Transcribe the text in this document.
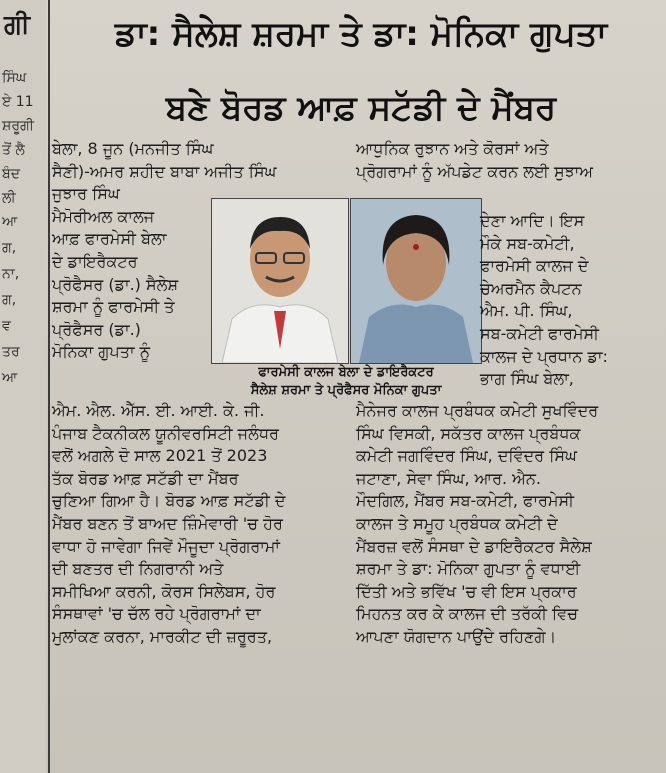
ਗੀ
ਸਿੰਘ
ਏ 11
ਸ਼ਰੂਗੀ
ਤੋਂ ਲੈ
ਬੰਦ
ਲੀ
ਆ
ਗ,
ਨਾ,
ਗ,
ਵ
ਤਰ
ਆ
ਡਾ: ਸੈਲੇਸ਼ ਸ਼ਰਮਾ ਤੇ ਡਾ: ਮੋਨਿਕਾ ਗੁਪਤਾ
ਬਣੇ ਬੋਰਡ ਆਫ਼ ਸਟੱਡੀ ਦੇ ਮੈਂਬਰ
ਬੇਲਾ, 8 ਜੂਨ (ਮਨਜੀਤ ਸਿੰਘ
ਸੈਣੀ)-ਅਮਰ ਸ਼ਹੀਦ ਬਾਬਾ ਅਜੀਤ ਸਿੰਘ
ਜੁਝਾਰ ਸਿੰਘ
ਮੈਮੋਰੀਅਲ ਕਾਲਜ
ਆਫ਼ ਫਾਰਮੇਸੀ ਬੇਲਾ
ਦੇ ਡਾਇਰੈਕਟਰ
ਪ੍ਰੋਫੈਸਰ (ਡਾ.) ਸੈਲੇਸ਼
ਸ਼ਰਮਾ ਨੂੰ ਫਾਰਮੇਸੀ ਤੇ
ਪ੍ਰੋਫੈਸਰ (ਡਾ.)
ਮੋਨਿਕਾ ਗੁਪਤਾ ਨੂੰ
ਫਾਰਮੇਸੀ ਕਾਲਜ ਬੇਲਾ ਦੇ ਡਾਇਰੈਕਟਰ
ਸੈਲੇਸ਼ ਸ਼ਰਮਾ ਤੇ ਪ੍ਰੋਫੈਸਰ ਮੋਨਿਕਾ ਗੁਪਤਾ
ਆਧੁਨਿਕ ਰੁਝਾਨ ਅਤੇ ਕੋਰਸਾਂ ਅਤੇ
ਪ੍ਰੋਗਰਾਮਾਂ ਨੂੰ ਅੱਪਡੇਟ ਕਰਨ ਲਈ ਸੁਝਾਅ
ਦੇਣਾ ਆਦਿ। ਇਸ
ਮੌਕੇ ਸਬ-ਕਮੇਟੀ,
ਫਾਰਮੇਸੀ ਕਾਲਜ ਦੇ
ਚੇਅਰਮੈਨ ਕੈਪਟਨ
ਐਮ. ਪੀ. ਸਿੰਘ,
ਸਬ-ਕਮੇਟੀ ਫਾਰਮੇਸੀ
ਕਾਲਜ ਦੇ ਪ੍ਰਧਾਨ ਡਾ:
ਭਾਗ ਸਿੰਘ ਬੇਲਾ,
ਐਮ. ਐਲ. ਐੱਸ. ਈ. ਆਈ. ਕੇ. ਜੀ.
ਪੰਜਾਬ ਟੈਕਨੀਕਲ ਯੂਨੀਵਰਸਿਟੀ ਜਲੰਧਰ
ਵਲੋਂ ਅਗਲੇ ਦੋ ਸਾਲ 2021 ਤੋਂ 2023
ਤੱਕ ਬੋਰਡ ਆਫ਼ ਸਟੱਡੀ ਦਾ ਮੈਂਬਰ
ਚੁਣਿਆ ਗਿਆ ਹੈ। ਬੋਰਡ ਆਫ਼ ਸਟੱਡੀ ਦੇ
ਮੈਂਬਰ ਬਣਨ ਤੋਂ ਬਾਅਦ ਜ਼ਿੰਮੇਵਾਰੀ 'ਚ ਹੋਰ
ਵਾਧਾ ਹੋ ਜਾਵੇਗਾ ਜਿਵੇਂ ਮੌਜੂਦਾ ਪ੍ਰੋਗਰਾਮਾਂ
ਦੀ ਬਣਤਰ ਦੀ ਨਿਗਰਾਨੀ ਅਤੇ
ਸਮੀਖਿਆ ਕਰਨੀ, ਕੋਰਸ ਸਿਲੇਬਸ, ਹੋਰ
ਸੰਸਥਾਵਾਂ 'ਚ ਚੱਲ ਰਹੇ ਪ੍ਰੋਗਰਾਮਾਂ ਦਾ
ਮੁਲਾਂਕਣ ਕਰਨਾ, ਮਾਰਕੀਟ ਦੀ ਜ਼ਰੂਰਤ,
ਮੈਨੇਜਰ ਕਾਲਜ ਪ੍ਰਬੰਧਕ ਕਮੇਟੀ ਸੁਖਵਿੰਦਰ
ਸਿੰਘ ਵਿਸਕੀ, ਸਕੱਤਰ ਕਾਲਜ ਪ੍ਰਬੰਧਕ
ਕਮੇਟੀ ਜਗਵਿੰਦਰ ਸਿੰਘ, ਦਵਿੰਦਰ ਸਿੰਘ
ਜਟਾਣਾ, ਸੇਵਾ ਸਿੰਘ, ਆਰ. ਐਨ.
ਮੌਦਗਿਲ, ਮੈਂਬਰ ਸਬ-ਕਮੇਟੀ, ਫਾਰਮੇਸੀ
ਕਾਲਜ ਤੇ ਸਮੂਹ ਪ੍ਰਬੰਧਕ ਕਮੇਟੀ ਦੇ
ਮੈਂਬਰਜ਼ ਵਲੋਂ ਸੰਸਥਾ ਦੇ ਡਾਇਰੈਕਟਰ ਸੈਲੇਸ਼
ਸ਼ਰਮਾ ਤੇ ਡਾ: ਮੋਨਿਕਾ ਗੁਪਤਾ ਨੂੰ ਵਧਾਈ
ਦਿੱਤੀ ਅਤੇ ਭਵਿੱਖ 'ਚ ਵੀ ਇਸ ਪ੍ਰਕਾਰ
ਮਿਹਨਤ ਕਰ ਕੇ ਕਾਲਜ ਦੀ ਤਰੱਕੀ ਵਿਚ
ਆਪਣਾ ਯੋਗਦਾਨ ਪਾਉਂਦੇ ਰਹਿਣਗੇ।
